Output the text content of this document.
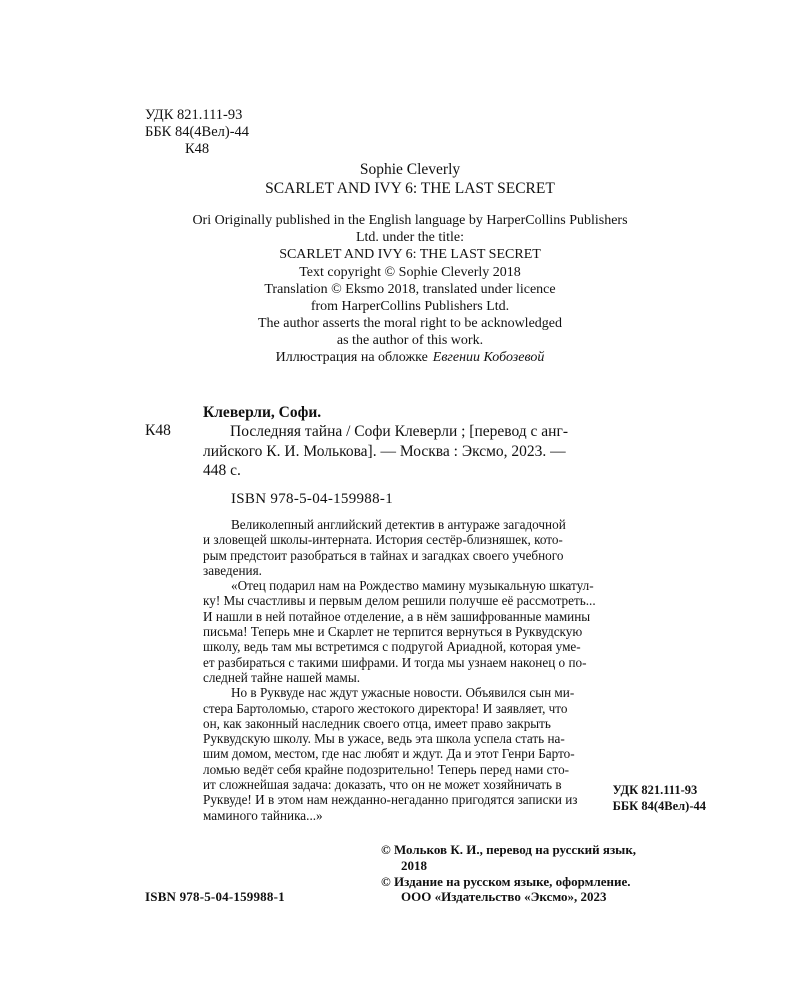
УДК 821.111-93
ББК 84(4Вел)-44
К48
Sophie Cleverly
SCARLET AND IVY 6: THE LAST SECRET
Ori Originally published in the English language by HarperCollins Publishers
Ltd. under the title:
SCARLET AND IVY 6: THE LAST SECRET
Text copyright © Sophie Cleverly 2018
Translation © Eksmo 2018, translated under licence
from HarperCollins Publishers Ltd.
The author asserts the moral right to be acknowledged
as the author of this work.
Иллюстрация на обложке Евгении Кобозевой
Клеверли, Софи.
К48	Последняя тайна / Софи Клеверли ; [перевод с анг-
лийского К. И. Молькова]. — Москва : Эксмо, 2023. —
448 с.
ISBN 978-5-04-159988-1
Великолепный английский детектив в антураже загадочной
и зловещей школы-интерната. История сестёр-близняшек, кото-
рым предстоит разобраться в тайнах и загадках своего учебного
заведения.
«Отец подарил нам на Рождество мамину музыкальную шкатул-
ку! Мы счастливы и первым делом решили получше её рассмотреть...
И нашли в ней потайное отделение, а в нём зашифрованные мамины
письма! Теперь мне и Скарлет не терпится вернуться в Руквудскую
школу, ведь там мы встретимся с подругой Ариадной, которая уме-
ет разбираться с такими шифрами. И тогда мы узнаем наконец о по-
следней тайне нашей мамы.
Но в Руквуде нас ждут ужасные новости. Объявился сын ми-
стера Бартоломью, старого жестокого директора! И заявляет, что
он, как законный наследник своего отца, имеет право закрыть
Руквудскую школу. Мы в ужасе, ведь эта школа успела стать на-
шим домом, местом, где нас любят и ждут. Да и этот Генри Барто-
ломью ведёт себя крайне подозрительно! Теперь перед нами сто-
ит сложнейшая задача: доказать, что он не может хозяйничать в
Руквуде! И в этом нам нежданно-негаданно пригодятся записки из
маминого тайника...»
УДК 821.111-93
ББК 84(4Вел)-44
© Мольков К. И., перевод на русский язык,
2018
© Издание на русском языке, оформление.
ООО «Издательство «Эксмо», 2023
ISBN 978-5-04-159988-1
